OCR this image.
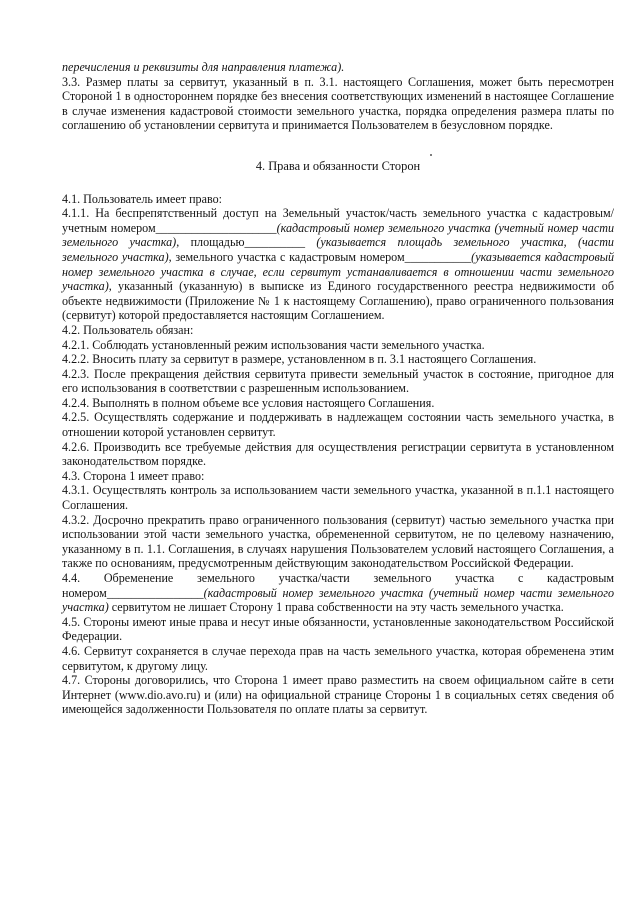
перечисления и реквизиты для направления платежа).

3.3. Размер платы за сервитут, указанный в п. 3.1. настоящего Соглашения, может быть пересмотрен Стороной 1 в одностороннем порядке без внесения соответствующих изменений в настоящее Соглашение в случае изменения кадастровой стоимости земельного участка, порядка определения размера платы по соглашению об установлении сервитута и принимается Пользователем в безусловном порядке.

4. Права и обязанности Сторон

4.1. Пользователь имеет право:

4.1.1. На беспрепятственный доступ на Земельный участок/часть земельного участка с кадастровым/учетным номером____________________(кадастровый номер земельного участка (учетный номер части земельного участка), площадью__________ (указывается площадь земельного участка, (части земельного участка), земельного участка с кадастровым номером___________(указывается кадастровый номер земельного участка в случае, если сервитут устанавливается в отношении части земельного участка), указанный (указанную) в выписке из Единого государственного реестра недвижимости об объекте недвижимости (Приложение № 1 к настоящему Соглашению), право ограниченного пользования (сервитут) которой предоставляется настоящим Соглашением.

4.2. Пользователь обязан:

4.2.1. Соблюдать установленный режим использования части земельного участка.

4.2.2. Вносить плату за сервитут в размере, установленном в п. 3.1 настоящего Соглашения.

4.2.3. После прекращения действия сервитута привести земельный участок в состояние, пригодное для его использования в соответствии с разрешенным использованием.

4.2.4. Выполнять в полном объеме все условия настоящего Соглашения.

4.2.5. Осуществлять содержание и поддерживать в надлежащем состоянии часть земельного участка, в отношении которой установлен сервитут.

4.2.6. Производить все требуемые действия для осуществления регистрации сервитута в установленном законодательством порядке.

4.3. Сторона 1 имеет право:

4.3.1. Осуществлять контроль за использованием части земельного участка, указанной в п.1.1 настоящего Соглашения.

4.3.2. Досрочно прекратить право ограниченного пользования (сервитут) частью земельного участка при использовании этой части земельного участка, обремененной сервитутом, не по целевому назначению, указанному в п. 1.1. Соглашения, в случаях нарушения Пользователем условий настоящего Соглашения, а также по основаниям, предусмотренным действующим законодательством Российской Федерации.

4.4. Обременение земельного участка/части земельного участка с кадастровым номером________________(кадастровый номер земельного участка (учетный номер части земельного участка) сервитутом не лишает Сторону 1 права собственности на эту часть земельного участка.

4.5. Стороны имеют иные права и несут иные обязанности, установленные законодательством Российской Федерации.

4.6. Сервитут сохраняется в случае перехода прав на часть земельного участка, которая обременена этим сервитутом, к другому лицу.

4.7. Стороны договорились, что Сторона 1 имеет право разместить на своем официальном сайте в сети Интернет (www.dio.avo.ru) и (или) на официальной странице Стороны 1 в социальных сетях сведения об имеющейся задолженности Пользователя по оплате платы за сервитут.
